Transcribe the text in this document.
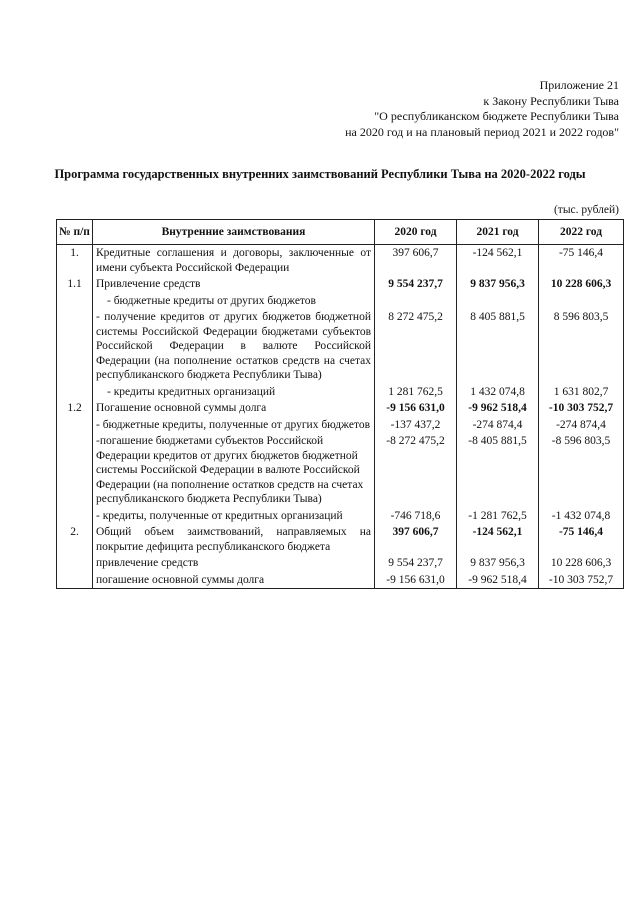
Приложение 21
к Закону Республики Тыва
"О республиканском бюджете Республики Тыва
на 2020 год и на плановый период 2021 и 2022 годов"
Программа государственных внутренних заимствований Республики Тыва на 2020-2022 годы
(тыс. рублей)
№ п/п	Внутренние заимствования	2020 год	2021 год	2022 год
1.	Кредитные соглашения и договоры, заключенные от имени субъекта Российской Федерации	397 606,7	-124 562,1	-75 146,4
1.1	Привлечение средств	9 554 237,7	9 837 956,3	10 228 606,3
	- бюджетные кредиты от других бюджетов			
	- получение кредитов от других бюджетов бюджетной системы Российской Федерации бюджетами субъектов Российской Федерации в валюте Российской Федерации (на пополнение остатков средств на счетах республиканского бюджета Республики Тыва)	8 272 475,2	8 405 881,5	8 596 803,5
	- кредиты кредитных организаций	1 281 762,5	1 432 074,8	1 631 802,7
1.2	Погашение основной суммы долга	-9 156 631,0	-9 962 518,4	-10 303 752,7
	- бюджетные кредиты, полученные от других бюджетов	-137 437,2	-274 874,4	-274 874,4
	-погашение бюджетами субъектов Российской Федерации кредитов от других бюджетов бюджетной системы Российской Федерации в валюте Российской Федерации (на пополнение остатков средств на счетах республиканского бюджета Республики Тыва)	-8 272 475,2	-8 405 881,5	-8 596 803,5
	- кредиты, полученные от кредитных организаций	-746 718,6	-1 281 762,5	-1 432 074,8
2.	Общий объем заимствований, направляемых на покрытие дефицита республиканского бюджета	397 606,7	-124 562,1	-75 146,4
	привлечение средств	9 554 237,7	9 837 956,3	10 228 606,3
	погашение основной суммы долга	-9 156 631,0	-9 962 518,4	-10 303 752,7
